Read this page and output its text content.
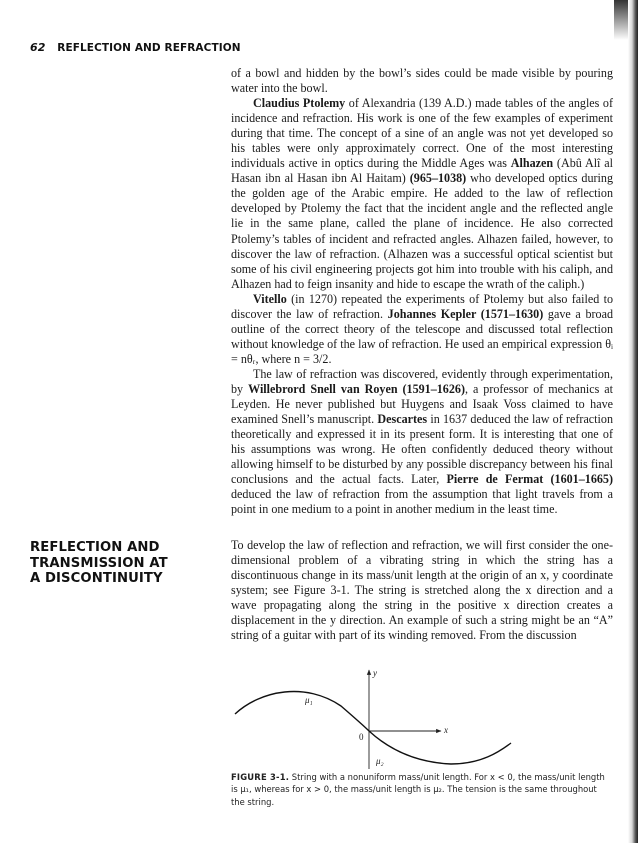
62 REFLECTION AND REFRACTION

of a bowl and hidden by the bowl’s sides could be made visible by pouring water into the bowl.

Claudius Ptolemy of Alexandria (139 A.D.) made tables of the angles of incidence and refraction. His work is one of the few examples of experiment during that time. The concept of a sine of an angle was not yet developed so his tables were only approximately correct. One of the most interesting individuals active in optics during the Middle Ages was Alhazen (Abû Alî al Hasan ibn al Hasan ibn Al Haitam) (965–1038) who developed optics during the golden age of the Arabic empire. He added to the law of reflection developed by Ptolemy the fact that the incident angle and the reflected angle lie in the same plane, called the plane of incidence. He also corrected Ptolemy’s tables of incident and refracted angles. Alhazen failed, however, to discover the law of refraction. (Alhazen was a successful optical scientist but some of his civil engineering projects got him into trouble with his caliph, and Alhazen had to feign insanity and hide to escape the wrath of the caliph.)

Vitello (in 1270) repeated the experiments of Ptolemy but also failed to discover the law of refraction. Johannes Kepler (1571–1630) gave a broad outline of the correct theory of the telescope and discussed total reflection without knowledge of the law of refraction. He used an empirical expression θᵢ = nθᵣ, where n = 3/2.

The law of refraction was discovered, evidently through experimentation, by Willebrord Snell van Royen (1591–1626), a professor of mechanics at Leyden. He never published but Huygens and Isaak Voss claimed to have examined Snell’s manuscript. Descartes in 1637 deduced the law of refraction theoretically and expressed it in its present form. It is interesting that one of his assumptions was wrong. He often confidently deduced theory without allowing himself to be disturbed by any possible discrepancy between his final conclusions and the actual facts. Later, Pierre de Fermat (1601–1665) deduced the law of refraction from the assumption that light travels from a point in one medium to a point in another medium in the least time.

REFLECTION AND
TRANSMISSION AT
A DISCONTINUITY

To develop the law of reflection and refraction, we will first consider the one-dimensional problem of a vibrating string in which the string has a discontinuous change in its mass/unit length at the origin of an x, y coordinate system; see Figure 3-1. The string is stretched along the x direction and a wave propagating along the string in the positive x direction creates a displacement in the y direction. An example of such a string might be an “A” string of a guitar with part of its winding removed. From the discussion

y
x
0
μ₁
μ₂
FIGURE 3-1. String with a nonuniform mass/unit length. For x < 0, the mass/unit length is μ₁, whereas for x > 0, the mass/unit length is μ₂. The tension is the same throughout the string.
